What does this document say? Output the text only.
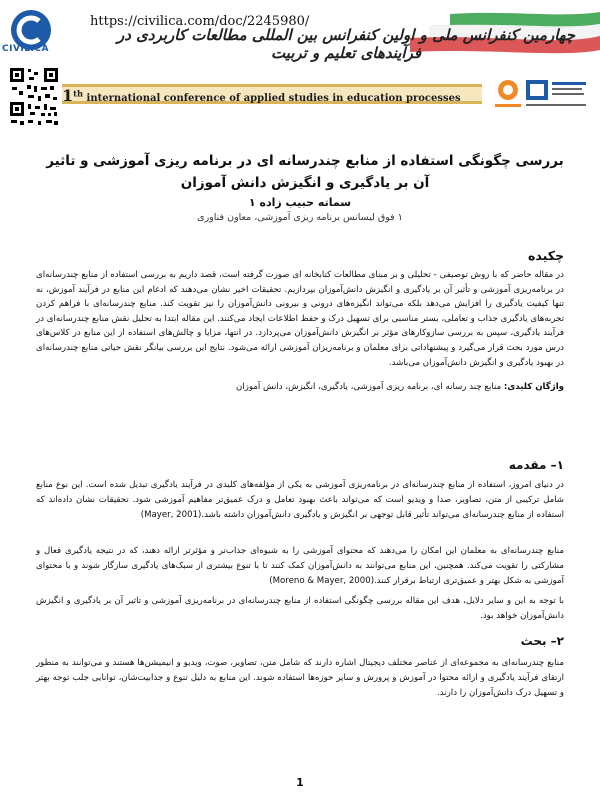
CIVILICA
https://civilica.com/doc/2245980/
چهارمین کنفرانس ملی و اولین کنفرانس بین المللی مطالعات کاربردی در فرآیندهای تعلیم و تربیت
1th international conference of applied studies in education processes
بررسی چگونگی استفاده از منابع چندرسانه ای در برنامه ریزی آموزشی و تاثیر آن بر یادگیری و انگیزش دانش آموزان
سماته حبیب زاده ۱
۱ فوق لیسانس برنامه ریزی آموزشی، معاون فناوری
چکیده
در مقاله حاضر که با روش توصیفی - تحلیلی و بر مبنای مطالعات کتابخانه ای صورت گرفته است، قصد داریم به بررسی استفاده از منابع چندرسانه‌ای در برنامه‌ریزی آموزشی و تأثیر آن بر یادگیری و انگیزش دانش‌آموزان بپردازیم. تحقیقات اخیر نشان می‌دهند که ادغام این منابع در فرآیند آموزش، نه تنها کیفیت یادگیری را افزایش می‌دهد بلکه می‌تواند انگیزه‌های درونی و بیرونی دانش‌آموزان را نیز تقویت کند. منابع چندرسانه‌ای با فراهم کردن تجربه‌های یادگیری جذاب و تعاملی، بستر مناسبی برای تسهیل درک و حفظ اطلاعات ایجاد می‌کنند. این مقاله ابتدا به تحلیل نقش منابع چندرسانه‌ای در فرآیند یادگیری، سپس به بررسی سازوکارهای مؤثر بر انگیزش دانش‌آموزان می‌پردازد. در انتها، مزایا و چالش‌های استفاده از این منابع در کلاس‌های درس مورد بحث قرار می‌گیرد و پیشنهاداتی برای معلمان و برنامه‌ریزان آموزشی ارائه می‌شود. نتایج این بررسی بیانگر نقش حیاتی منابع چندرسانه‌ای در بهبود یادگیری و انگیزش دانش‌آموزان می‌باشد.
واژگان کلیدی: منابع چند رسانه ای، برنامه ریزی آموزشی، یادگیری، انگیزش، دانش آموزان
۱– مقدمه
در دنیای امروز، استفاده از منابع چندرسانه‌ای در برنامه‌ریزی آموزشی به یکی از مؤلفه‌های کلیدی در فرآیند یادگیری تبدیل شده است. این نوع منابع شامل ترکیبی از متن، تصاویر، صدا و ویدیو است که می‌تواند باعث بهبود تعامل و درک عمیق‌تر مفاهیم آموزشی شود. تحقیقات نشان داده‌اند که استفاده از منابع چندرسانه‌ای می‌تواند تأثیر قابل توجهی بر انگیزش و یادگیری دانش‌آموزان داشته باشد.(Mayer, 2001)
منابع چندرسانه‌ای به معلمان این امکان را می‌دهند که محتوای آموزشی را به شیوه‌ای جذاب‌تر و مؤثرتر ارائه دهند، که در نتیجه یادگیری فعال و مشارکتی را تقویت می‌کند. همچنین، این منابع می‌توانند به دانش‌آموزان کمک کنند تا با تنوع بیشتری از سبک‌های یادگیری سازگار شوند و با محتوای آموزشی به شکل بهتر و عمیق‌تری ارتباط برقرار کنند.(Moreno & Mayer, 2000)
با توجه به این و سایر دلایل، هدف این مقاله بررسی چگونگی استفاده از منابع چندرسانه‌ای در برنامه‌ریزی آموزشی و تاثیر آن بر یادگیری و انگیزش دانش‌آموزان خواهد بود.
۲– بحث
منابع چندرسانه‌ای به مجموعه‌ای از عناصر مختلف دیجیتال اشاره دارند که شامل متن، تصاویر، صوت، ویدیو و انیمیشن‌ها هستند و می‌توانند به منظور ارتقای فرآیند یادگیری و ارائه محتوا در آموزش و پرورش و سایر حوزه‌ها استفاده شوند. این منابع به دلیل تنوع و جذابیت‌شان، توانایی جلب توجه بهتر و تسهیل درک دانش‌آموزان را دارند.
1
